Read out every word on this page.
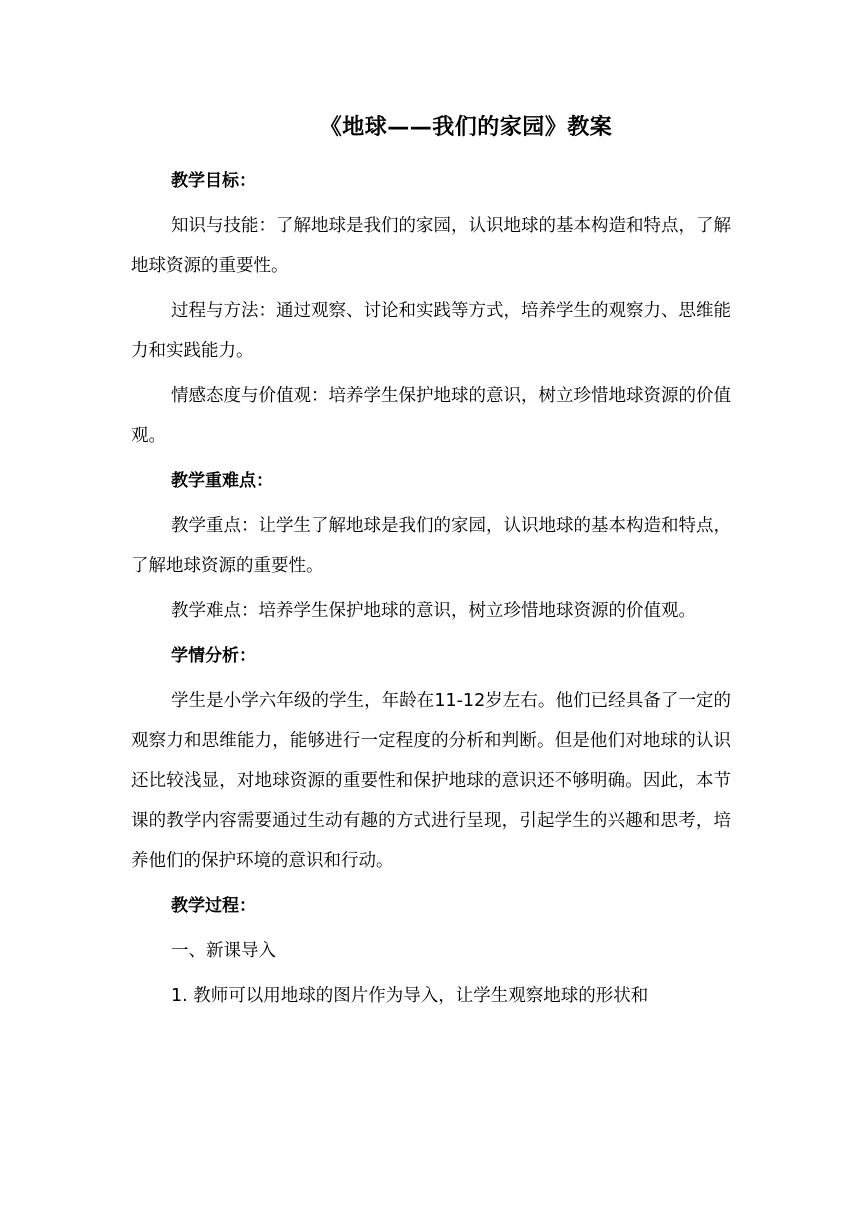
《地球——我们的家园》教案
教学目标：

知识与技能：了解地球是我们的家园，认识地球的基本构造和特点，了解地球资源的重要性。

过程与方法：通过观察、讨论和实践等方式，培养学生的观察力、思维能力和实践能力。

情感态度与价值观：培养学生保护地球的意识，树立珍惜地球资源的价值观。

教学重难点：

教学重点：让学生了解地球是我们的家园，认识地球的基本构造和特点，了解地球资源的重要性。

教学难点：培养学生保护地球的意识，树立珍惜地球资源的价值观。

学情分析：

学生是小学六年级的学生，年龄在11-12岁左右。他们已经具备了一定的观察力和思维能力，能够进行一定程度的分析和判断。但是他们对地球的认识还比较浅显，对地球资源的重要性和保护地球的意识还不够明确。因此，本节课的教学内容需要通过生动有趣的方式进行呈现，引起学生的兴趣和思考，培养他们的保护环境的意识和行动。

教学过程：

一、新课导入

1. 教师可以用地球的图片作为导入，让学生观察地球的形状和
